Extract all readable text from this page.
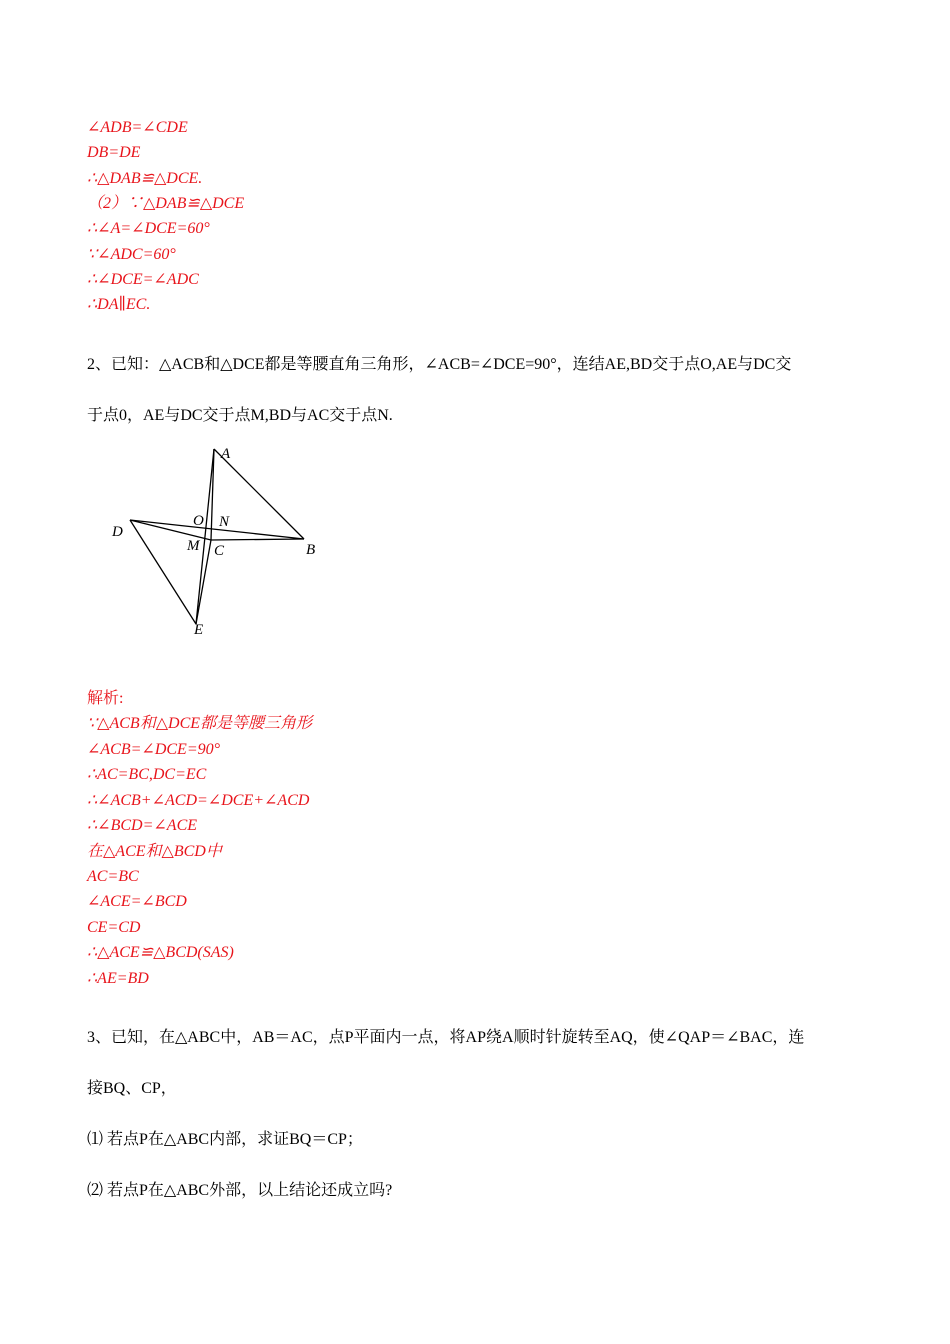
∠ADB=∠CDE
DB=DE
∴△DAB≌△DCE.
（2）∵△DAB≌△DCE
∴∠A=∠DCE=60°
∵∠ADC=60°
∴∠DCE=∠ADC
∴DA∥EC.
2、已知：△ACB和△DCE都是等腰直角三角形，∠ACB=∠DCE=90°，连结AE,BD交于点O,AE与DC交
于点0，AE与DC交于点M,BD与AC交于点N.
A
B
C
D
E
O N
M
解析:
∵△ACB和△DCE都是等腰三角形
∠ACB=∠DCE=90°
∴AC=BC,DC=EC
∴∠ACB+∠ACD=∠DCE+∠ACD
∴∠BCD=∠ACE
在△ACE和△BCD中
AC=BC
∠ACE=∠BCD
CE=CD
∴△ACE≌△BCD(SAS)
∴AE=BD
3、已知，在△ABC中，AB＝AC，点P平面内一点，将AP绕A顺时针旋转至AQ，使∠QAP＝∠BAC，连
接BQ、CP，
⑴ 若点P在△ABC内部，求证BQ＝CP；
⑵ 若点P在△ABC外部，以上结论还成立吗?
